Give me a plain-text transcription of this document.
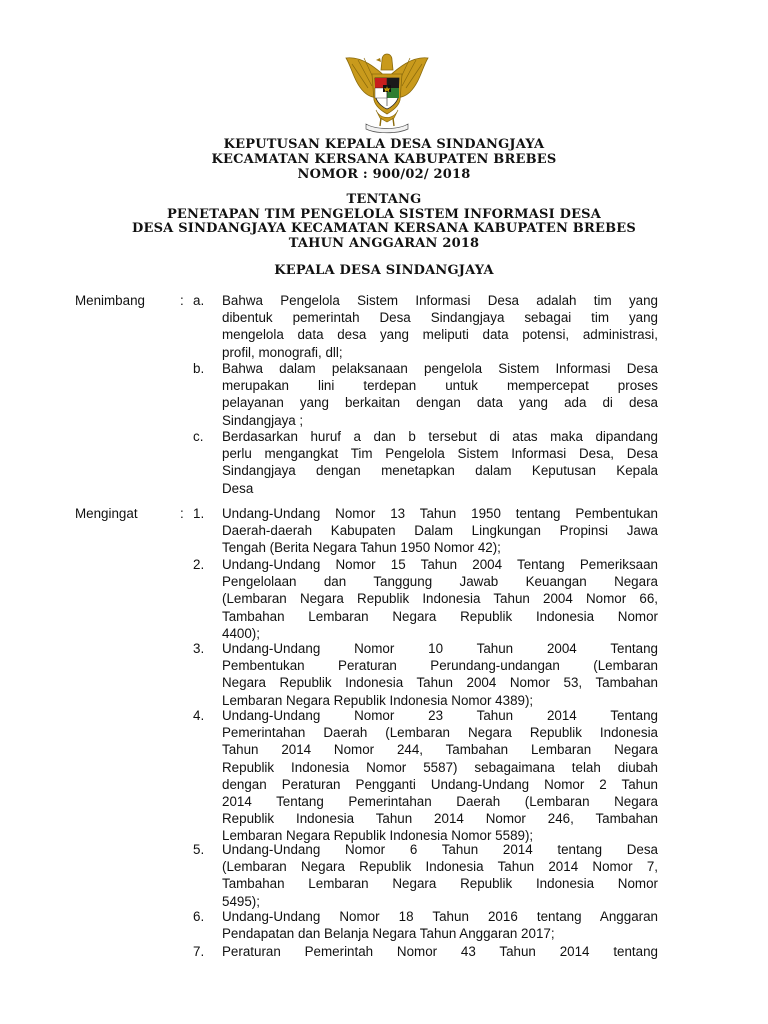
KEPUTUSAN KEPALA DESA SINDANGJAYA
KECAMATAN KERSANA KABUPATEN BREBES
NOMOR : 900/02/ 2018
TENTANG
PENETAPAN TIM PENGELOLA SISTEM INFORMASI DESA
DESA SINDANGJAYA KECAMATAN KERSANA KABUPATEN BREBES
TAHUN ANGGARAN 2018
KEPALA DESA SINDANGJAYA
Menimbang	: a.	Bahwa Pengelola Sistem Informasi Desa adalah tim yang
dibentuk pemerintah Desa Sindangjaya sebagai tim yang
mengelola data desa yang meliputi data potensi, administrasi,
profil, monografi, dll;
b.	Bahwa dalam pelaksanaan pengelola Sistem Informasi Desa
merupakan lini terdepan untuk mempercepat proses
pelayanan yang berkaitan dengan data yang ada di desa
Sindangjaya ;
c.	Berdasarkan huruf a dan b tersebut di atas maka dipandang
perlu mengangkat Tim Pengelola Sistem Informasi Desa, Desa
Sindangjaya dengan menetapkan dalam Keputusan Kepala
Desa
Mengingat	: 1.	Undang-Undang Nomor 13 Tahun 1950 tentang Pembentukan
Daerah-daerah Kabupaten Dalam Lingkungan Propinsi Jawa
Tengah (Berita Negara Tahun 1950 Nomor 42);
2.	Undang-Undang Nomor 15 Tahun 2004 Tentang Pemeriksaan
Pengelolaan dan Tanggung Jawab Keuangan Negara
(Lembaran Negara Republik Indonesia Tahun 2004 Nomor 66,
Tambahan Lembaran Negara Republik Indonesia Nomor
4400);
3.	Undang-Undang Nomor 10 Tahun 2004 Tentang
Pembentukan Peraturan Perundang-undangan (Lembaran
Negara Republik Indonesia Tahun 2004 Nomor 53, Tambahan
Lembaran Negara Republik Indonesia Nomor 4389);
4.	Undang-Undang Nomor 23 Tahun 2014 Tentang
Pemerintahan Daerah (Lembaran Negara Republik Indonesia
Tahun 2014 Nomor 244, Tambahan Lembaran Negara
Republik Indonesia Nomor 5587) sebagaimana telah diubah
dengan Peraturan Pengganti Undang-Undang Nomor 2 Tahun
2014 Tentang Pemerintahan Daerah (Lembaran Negara
Republik Indonesia Tahun 2014 Nomor 246, Tambahan
Lembaran Negara Republik Indonesia Nomor 5589);
5.	Undang-Undang Nomor 6 Tahun 2014 tentang Desa
(Lembaran Negara Republik Indonesia Tahun 2014 Nomor 7,
Tambahan Lembaran Negara Republik Indonesia Nomor
5495);
6.	Undang-Undang Nomor 18 Tahun 2016 tentang Anggaran
Pendapatan dan Belanja Negara Tahun Anggaran 2017;
7.	Peraturan Pemerintah Nomor 43 Tahun 2014 tentang
